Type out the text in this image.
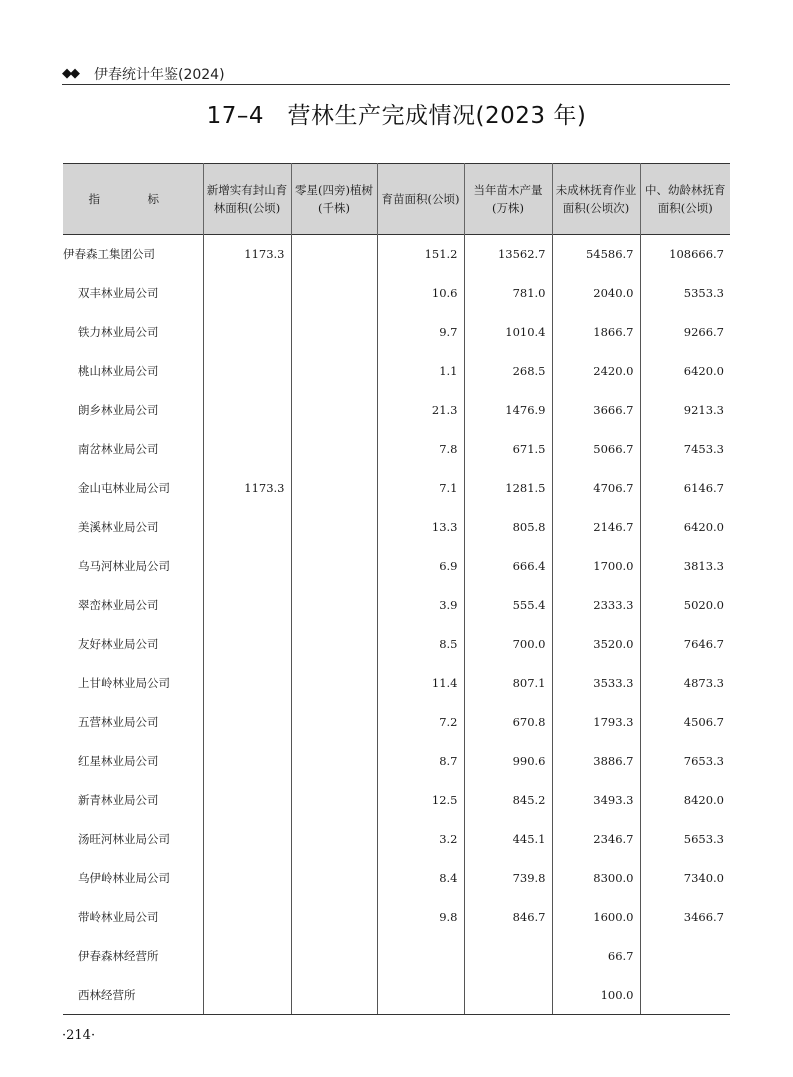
◆◆ 伊春统计年鉴(2024)
17–4　营林生产完成情况(2023 年)
指　标	新增实有封山育林面积(公顷)	零星(四旁)植树(千株)	育苗面积(公顷)	当年苗木产量(万株)	未成林抚育作业面积(公顷次)	中、幼龄林抚育面积(公顷)
伊春森工集团公司	1173.3		151.2	13562.7	54586.7	108666.7
双丰林业局公司			10.6	781.0	2040.0	5353.3
铁力林业局公司			9.7	1010.4	1866.7	9266.7
桃山林业局公司			1.1	268.5	2420.0	6420.0
朗乡林业局公司			21.3	1476.9	3666.7	9213.3
南岔林业局公司			7.8	671.5	5066.7	7453.3
金山屯林业局公司	1173.3		7.1	1281.5	4706.7	6146.7
美溪林业局公司			13.3	805.8	2146.7	6420.0
乌马河林业局公司			6.9	666.4	1700.0	3813.3
翠峦林业局公司			3.9	555.4	2333.3	5020.0
友好林业局公司			8.5	700.0	3520.0	7646.7
上甘岭林业局公司			11.4	807.1	3533.3	4873.3
五营林业局公司			7.2	670.8	1793.3	4506.7
红星林业局公司			8.7	990.6	3886.7	7653.3
新青林业局公司			12.5	845.2	3493.3	8420.0
汤旺河林业局公司			3.2	445.1	2346.7	5653.3
乌伊岭林业局公司			8.4	739.8	8300.0	7340.0
带岭林业局公司			9.8	846.7	1600.0	3466.7
伊春森林经营所					66.7	
西林经营所					100.0	
·214·
